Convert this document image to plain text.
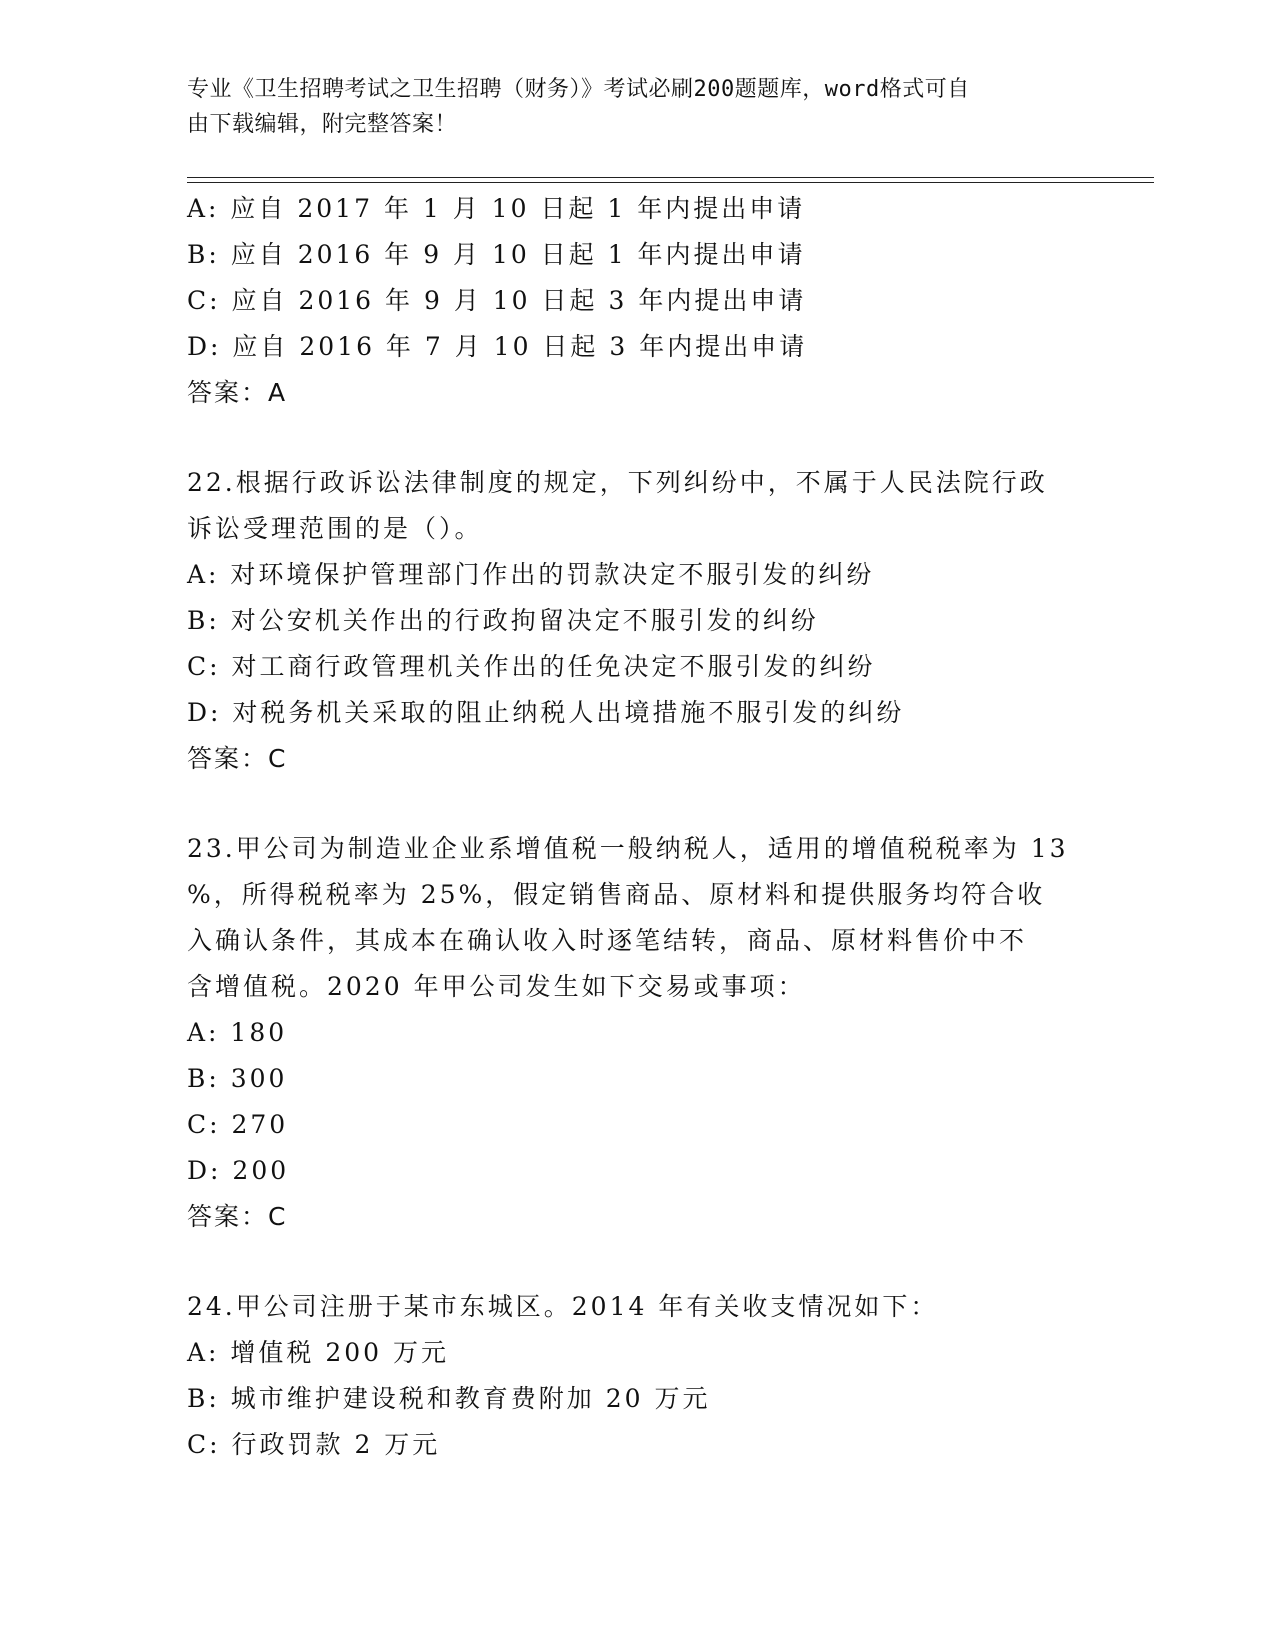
专业《卫生招聘考试之卫生招聘（财务）》考试必刷200题题库，word格式可自
由下载编辑，附完整答案！
A: 应自 2017 年 1 月 10 日起 1 年内提出申请
B: 应自 2016 年 9 月 10 日起 1 年内提出申请
C: 应自 2016 年 9 月 10 日起 3 年内提出申请
D: 应自 2016 年 7 月 10 日起 3 年内提出申请
答案：A
22.根据行政诉讼法律制度的规定，下列纠纷中，不属于人民法院行政
诉讼受理范围的是（）。
A: 对环境保护管理部门作出的罚款决定不服引发的纠纷
B: 对公安机关作出的行政拘留决定不服引发的纠纷
C: 对工商行政管理机关作出的任免决定不服引发的纠纷
D: 对税务机关采取的阻止纳税人出境措施不服引发的纠纷
答案：C
23.甲公司为制造业企业系增值税一般纳税人，适用的增值税税率为 13
%，所得税税率为 25%，假定销售商品、原材料和提供服务均符合收
入确认条件，其成本在确认收入时逐笔结转，商品、原材料售价中不
含增值税。2020 年甲公司发生如下交易或事项：
A: 180
B: 300
C: 270
D: 200
答案：C
24.甲公司注册于某市东城区。2014 年有关收支情况如下：
A: 增值税 200 万元
B: 城市维护建设税和教育费附加 20 万元
C: 行政罚款 2 万元
